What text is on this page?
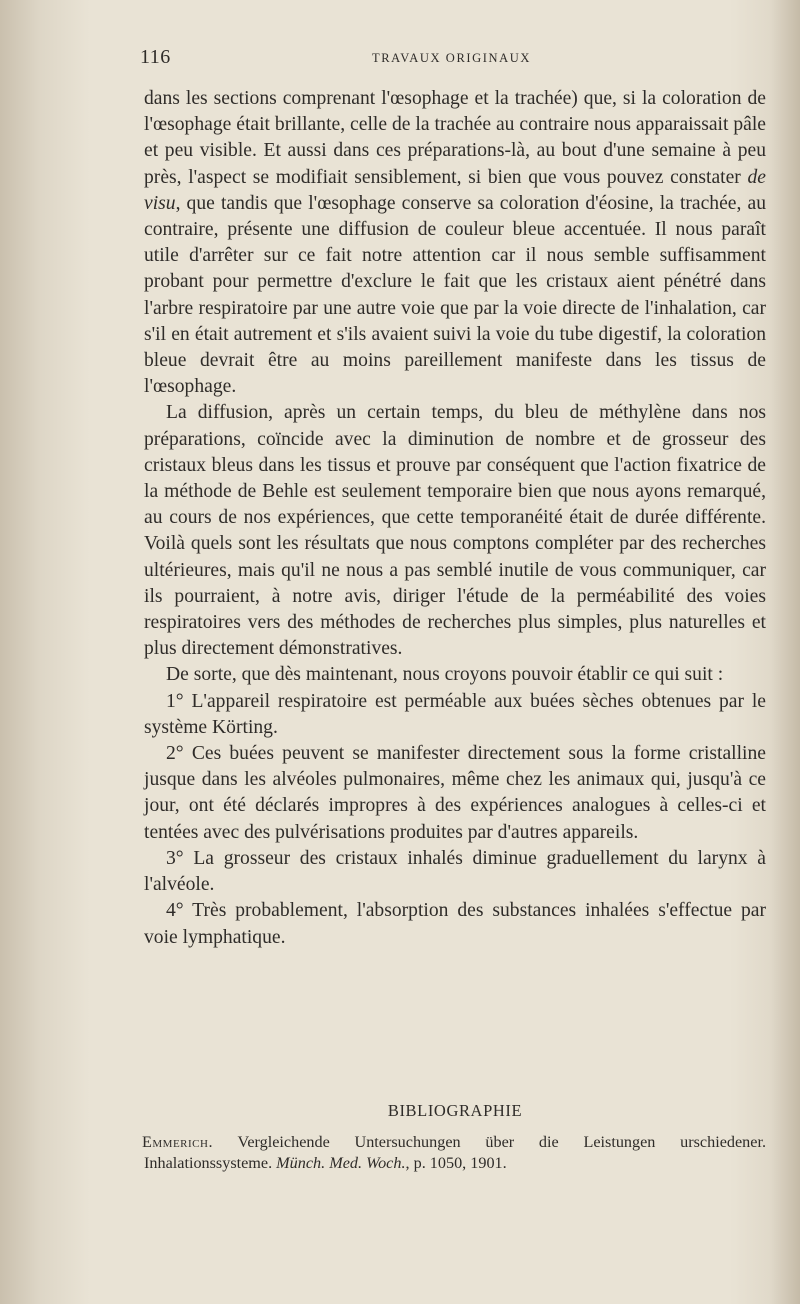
116	TRAVAUX ORIGINAUX

dans les sections comprenant l'œsophage et la trachée) que, si la coloration de l'œsophage était brillante, celle de la trachée au contraire nous apparaissait pâle et peu visible. Et aussi dans ces préparations-là, au bout d'une semaine à peu près, l'aspect se modifiait sensiblement, si bien que vous pouvez constater de visu, que tandis que l'œsophage conserve sa coloration d'éosine, la trachée, au contraire, présente une diffusion de couleur bleue accentuée. Il nous paraît utile d'arrêter sur ce fait notre attention car il nous semble suffisamment probant pour permettre d'exclure le fait que les cristaux aient pénétré dans l'arbre respiratoire par une autre voie que par la voie directe de l'inhalation, car s'il en était autrement et s'ils avaient suivi la voie du tube digestif, la coloration bleue devrait être au moins pareillement manifeste dans les tissus de l'œsophage.

La diffusion, après un certain temps, du bleu de méthylène dans nos préparations, coïncide avec la diminution de nombre et de grosseur des cristaux bleus dans les tissus et prouve par conséquent que l'action fixatrice de la méthode de Behle est seulement temporaire bien que nous ayons remarqué, au cours de nos expériences, que cette temporanéité était de durée différente. Voilà quels sont les résultats que nous comptons compléter par des recherches ultérieures, mais qu'il ne nous a pas semblé inutile de vous communiquer, car ils pourraient, à notre avis, diriger l'étude de la perméabilité des voies respiratoires vers des méthodes de recherches plus simples, plus naturelles et plus directement démonstratives.

De sorte, que dès maintenant, nous croyons pouvoir établir ce qui suit :

1° L'appareil respiratoire est perméable aux buées sèches obtenues par le système Körting.

2° Ces buées peuvent se manifester directement sous la forme cristalline jusque dans les alvéoles pulmonaires, même chez les animaux qui, jusqu'à ce jour, ont été déclarés impropres à des expériences analogues à celles-ci et tentées avec des pulvérisations produites par d'autres appareils.

3° La grosseur des cristaux inhalés diminue graduellement du larynx à l'alvéole.

4° Très probablement, l'absorption des substances inhalées s'effectue par voie lymphatique.

BIBLIOGRAPHIE
Emmerich. Vergleichende Untersuchungen über die Leistungen urschiedener. Inhalationssysteme. Münch. Med. Woch., p. 1050, 1901.
